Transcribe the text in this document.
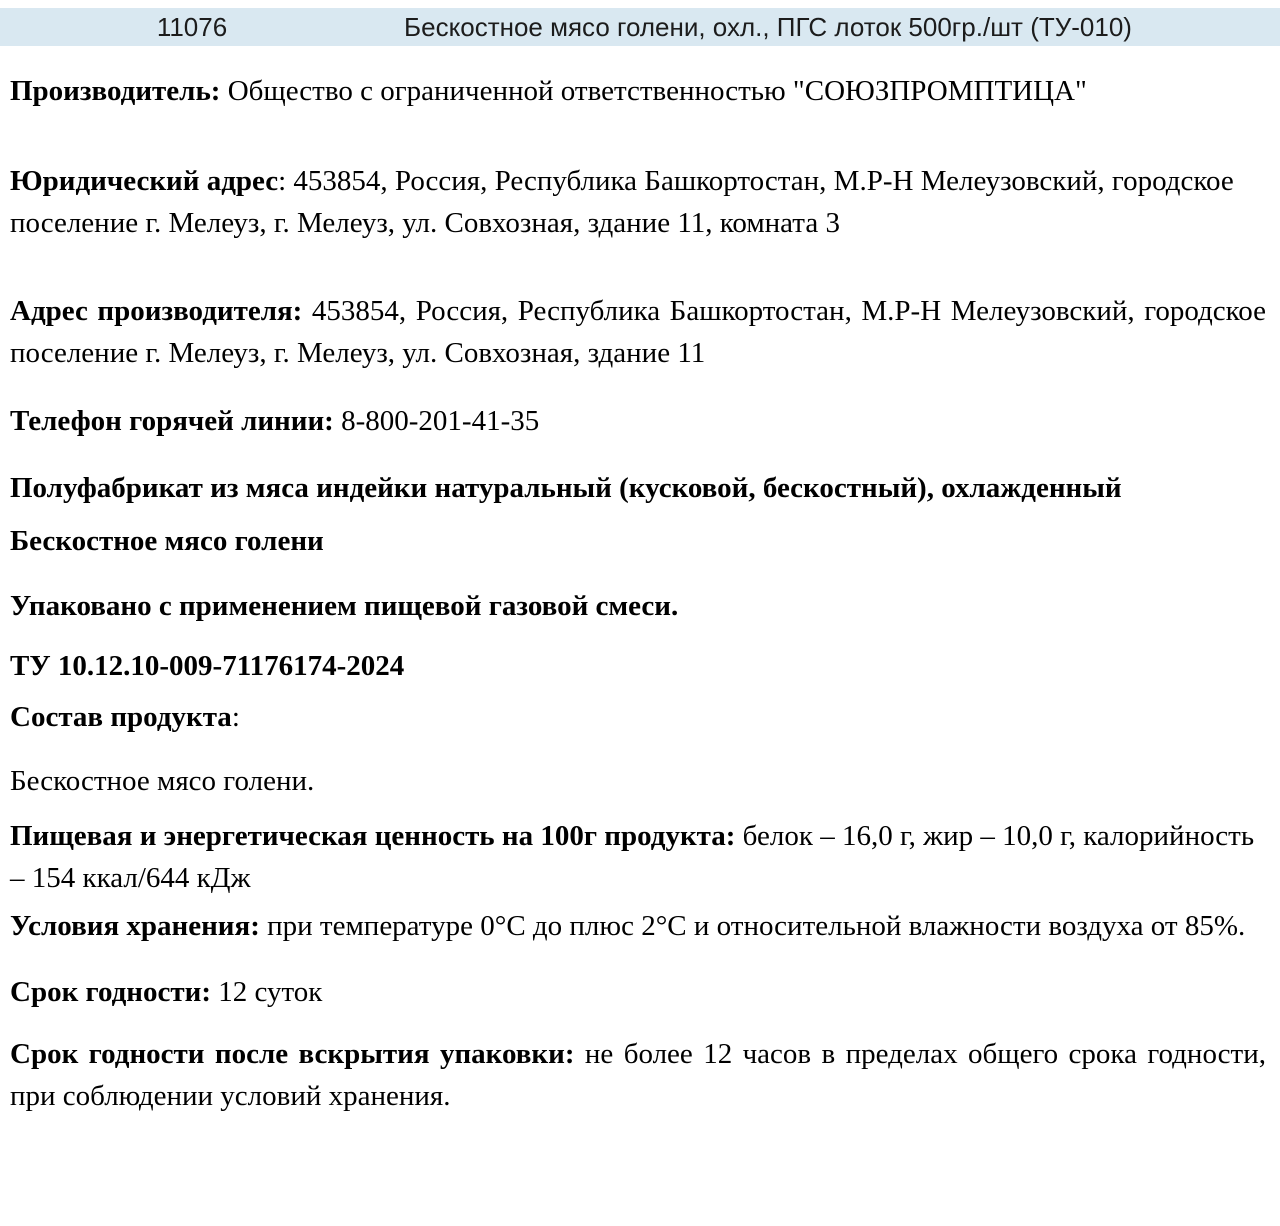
11076	Бескостное мясо голени, охл., ПГС лоток 500гр./шт (ТУ-010)

Производитель: Общество с ограниченной ответственностью "СОЮЗПРОМПТИЦА"

Юридический адрес: 453854, Россия, Республика Башкортостан, М.Р-Н Мелеузовский, городское поселение г. Мелеуз, г. Мелеуз, ул. Совхозная, здание 11, комната 3

Адрес производителя: 453854, Россия, Республика Башкортостан, М.Р-Н Мелеузовский, городское поселение г. Мелеуз, г. Мелеуз, ул. Совхозная, здание 11

Телефон горячей линии: 8-800-201-41-35

Полуфабрикат из мяса индейки натуральный (кусковой, бескостный), охлажденный

Бескостное мясо голени

Упаковано с применением пищевой газовой смеси.

ТУ 10.12.10-009-71176174-2024

Состав продукта:

Бескостное мясо голени.

Пищевая и энергетическая ценность на 100г продукта: белок – 16,0 г, жир – 10,0 г, калорийность – 154 ккал/644 кДж

Условия хранения: при температуре 0°С до плюс 2°С и относительной влажности воздуха от 85%.

Срок годности: 12 суток

Срок годности после вскрытия упаковки: не более 12 часов в пределах общего срока годности, при соблюдении условий хранения.
